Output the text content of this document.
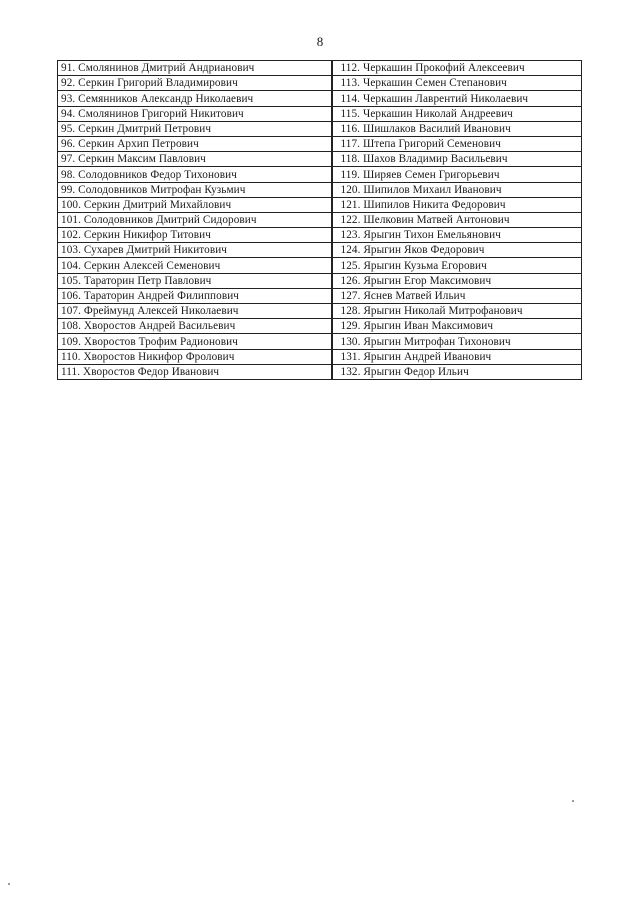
8
91. Смолянинов Дмитрий Андрианович	112. Черкашин Прокофий Алексеевич
92. Серкин Григорий Владимирович	113. Черкашин Семен Степанович
93. Семянников Александр Николаевич	114. Черкашин Лаврентий Николаевич
94. Смолянинов Григорий Никитович	115. Черкашин Николай Андреевич
95. Серкин Дмитрий Петрович	116. Шишлаков Василий Иванович
96. Серкин Архип Петрович	117. Штепа Григорий Семенович
97. Серкин Максим Павлович	118. Шахов Владимир Васильевич
98. Солодовников Федор Тихонович	119. Ширяев Семен Григорьевич
99. Солодовников Митрофан Кузьмич	120. Шипилов Михаил Иванович
100. Серкин Дмитрий Михайлович	121. Шипилов Никита Федорович
101. Солодовников Дмитрий Сидорович	122. Шелковин Матвей Антонович
102. Серкин Никифор Титович	123. Ярыгин Тихон Емельянович
103. Сухарев Дмитрий Никитович	124. Ярыгин Яков Федорович
104. Серкин Алексей Семенович	125. Ярыгин Кузьма Егорович
105. Тараторин Петр Павлович	126. Ярыгин Егор Максимович
106. Тараторин Андрей Филиппович	127. Яснев Матвей Ильич
107. Фреймунд Алексей Николаевич	128. Ярыгин Николай Митрофанович
108. Хворостов Андрей Васильевич	129. Ярыгин Иван Максимович
109. Хворостов Трофим Радионович	130. Ярыгин Митрофан Тихонович
110. Хворостов Никифор Фролович	131. Ярыгин Андрей Иванович
111. Хворостов Федор Иванович	132. Ярыгин Федор Ильич
